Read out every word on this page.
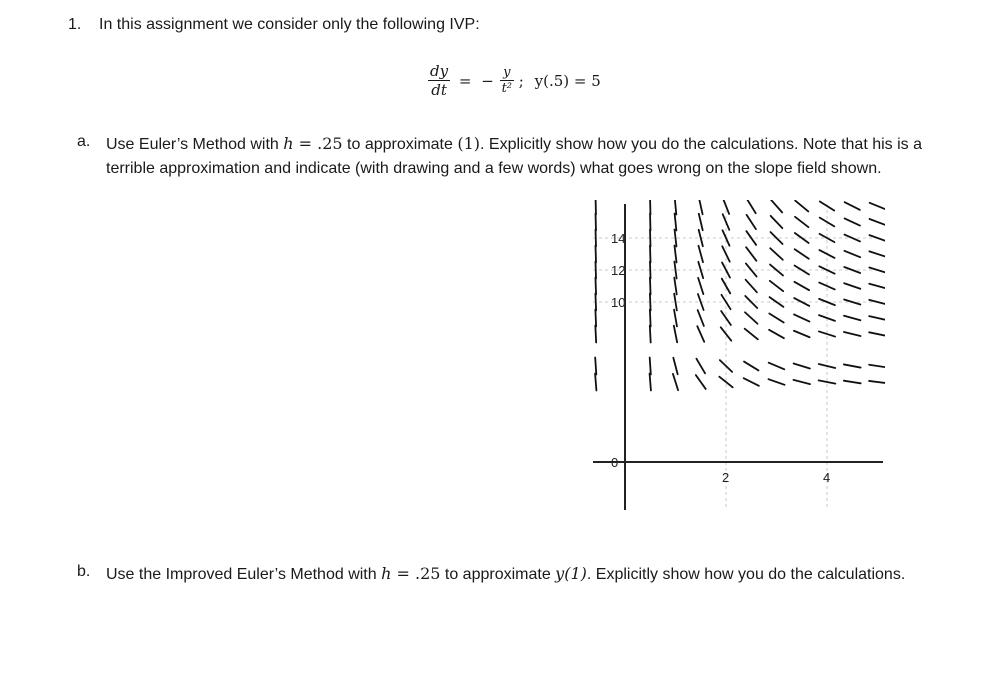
1. In this assignment we consider only the following IVP:
$\frac{dy}{dt}$ = − $\frac{y}{\text{t²}}$ ; y(.5) = 5
a. Use Euler’s Method with h = .25 to approximate (1). Explicitly show how you do the calculations. Note that his is a terrible approximation and indicate (with drawing and a few words) what goes wrong on the slope field shown.
14
12
10
0
2	4
b. Use the Improved Euler’s Method with h = .25 to approximate y(1). Explicitly show how you do the calculations.
